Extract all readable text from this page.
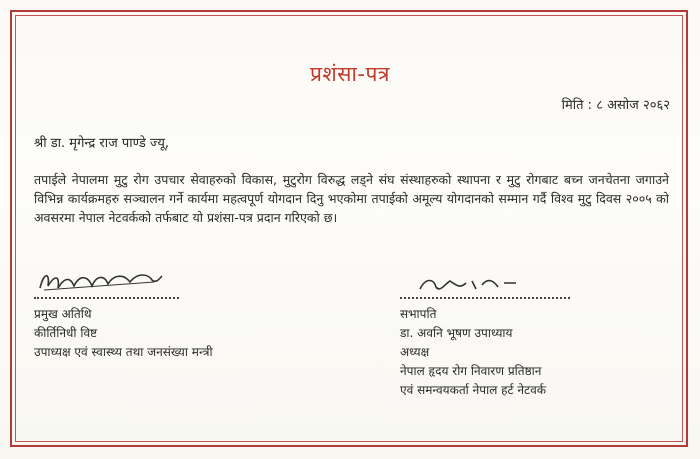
प्रशंसा-पत्र
मिति : ८ असोज २०६२
श्री डा. मृगेन्द्र राज पाण्डे ज्यू,
तपाईले नेपालमा मुटु रोग उपचार सेवाहरुको विकास, मुटुरोग विरुद्ध लड्ने संघ संस्थाहरुको स्थापना र मुटु रोगबाट बच्न जनचेतना जगाउने विभिन्न कार्यक्रमहरु सञ्चालन गर्ने कार्यमा महत्वपूर्ण योगदान दिनु भएकोमा तपाईको अमूल्य योगदानको सम्मान गर्दै विश्व मुटु दिवस २००५ को अवसरमा नेपाल नेटवर्कको तर्फबाट यो प्रशंसा-पत्र प्रदान गरिएको छ।
प्रमुख अतिथि
कीर्तिनिधी विष्ट
उपाध्यक्ष एवं स्वास्थ्य तथा जनसंख्या मन्त्री
सभापति
डा. अवनि भूषण उपाध्याय
अध्यक्ष
नेपाल हृदय रोग निवारण प्रतिष्ठान
एवं समन्वयकर्ता नेपाल हर्ट नेटवर्क
